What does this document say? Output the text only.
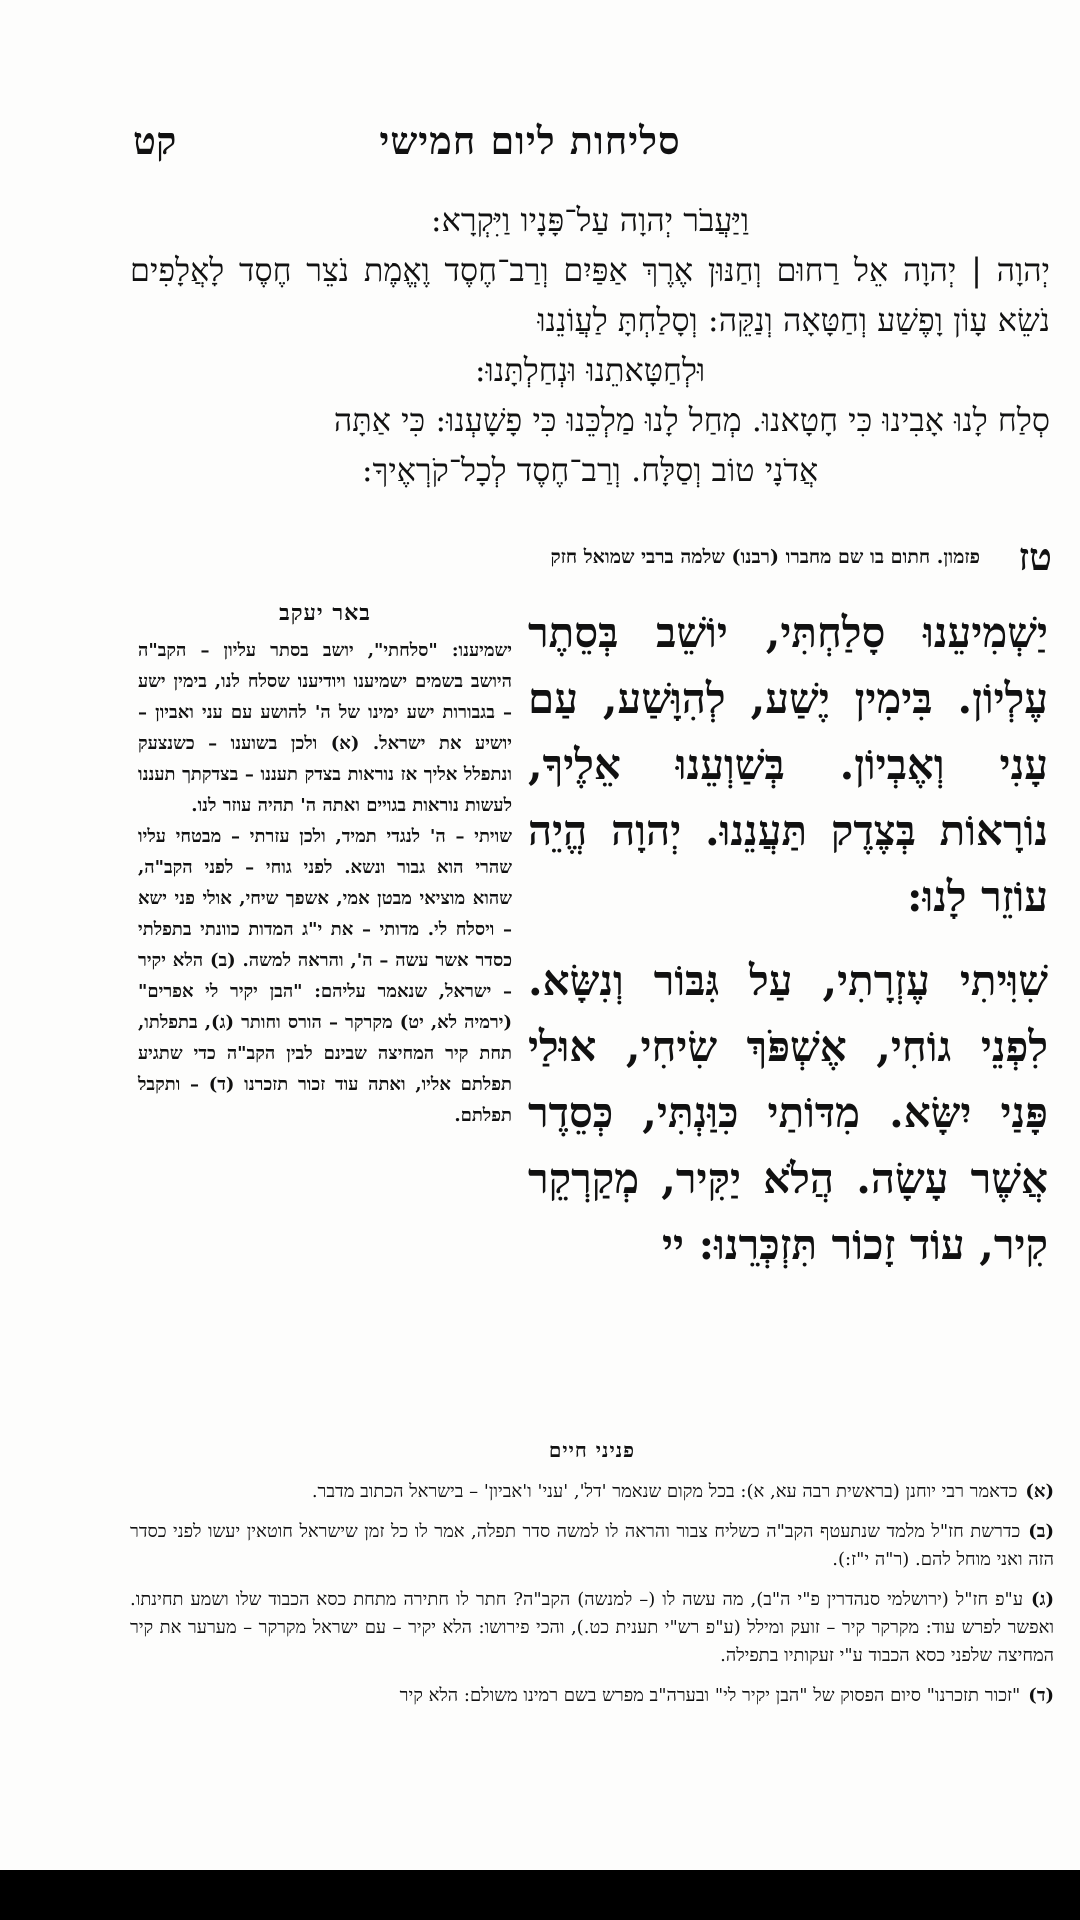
סליחות ליום חמישי
קט

וַיַּעֲבֹר יְהוָה עַל־פָּנָיו וַיִּקְרָא:

יְהוָה | יְהוָה אֵל רַחוּם וְחַנּוּן אֶרֶךְ אַפַּיִם וְרַב־חֶסֶד וֶאֱמֶת נֹצֵר חֶסֶד לָאֲלָפִים נֹשֵׂא עָוֹן וָפֶשַׁע וְחַטָּאָה וְנַקֵּה: וְסָלַחְתָּ לַעֲוֹנֵנוּ

וּלְחַטָּאתֵנוּ וּנְחַלְתָּנוּ:

סְלַח לָנוּ אָבִינוּ כִּי חָטָאנוּ. מְחַל לָנוּ מַלְכֵּנוּ כִּי פָשָׁעְנוּ: כִּי אַתָּה

אֲדֹנָי טוֹב וְסַלָּח. וְרַב־חֶסֶד לְכָל־קֹרְאֶיךָ:

טז
פזמון. חתום בו שם מחברו (רבנו) שלמה ברבי שמואל חזק

יַשְׁמִיעֵנוּ סָלַחְתִּי, יוֹשֵׁב בְּסֵתֶר עֶלְיוֹן. בִּימִין יֶשַׁע, לְהִוָּשַׁע, עַם עָנִי וְאֶבְיוֹן. בְּשַׁוְעֵנוּ אֵלֶיךָ, נוֹרָאוֹת בְּצֶדֶק תַּעֲנֵנוּ. יְהוָה הֱיֵה עוֹזֵר לָנוּ:

שִׁוִּיתִי עֶזְרָתִי, עַל גִּבּוֹר וְנִשָּׂא. לִפְנֵי גוֹחִי, אֶשְׁפֹּךְ שִׂיחִי, אוּלַי פָּנַי יִשָּׂא. מִדּוֹתַי כִּוַּנְתִּי, כְּסֵדֶר אֲשֶׁר עָשָׂה. הֲלֹא יַקִּיר, מְקַרְקֵר קִיר, עוֹד זָכוֹר תִּזְכְּרֵנוּ: יי

באר יעקב

ישמיענו: "סלחתי", יושב בסתר עליון – הקב"ה היושב בשמים ישמיענו ויודיענו שסלח לנו, בימין ישע – בגבורות ישע ימינו של ה' להושע עם עני ואביון – יושיע את ישראל. (א) ולכן בשוענו – כשנצעק ונתפלל אליך אז נוראות בצדק תעננו – בצדקתך תעננו לעשות נוראות בגויים ואתה ה' תהיה עוזר לנו.

שויתי – ה' לנגדי תמיד, ולכן עזרתי – מבטחי עליו שהרי הוא גבור ונשא. לפני גוחי – לפני הקב"ה, שהוא מוציאי מבטן אמי, אשפך שיחי, אולי פני ישא – ויסלח לי. מדותי – את י"ג המדות כוונתי בתפלתי כסדר אשר עשה – ה', והראה למשה. (ב) הלא יקיר – ישראל, שנאמר עליהם: "הבן יקיר לי אפרים" (ירמיה לא, יט) מקרקר – הורס וחותר (ג), בתפלתו, תחת קיר המחיצה שבינם לבין הקב"ה כדי שתגיע תפלתם אליו, ואתה עוד זכור תזכרנו (ד) – ותקבל תפלתם.

פניני חיים

(א)כדאמר רבי יוחנן (בראשית רבה עא, א): בכל מקום שנאמר 'דל', 'עני' ו'אביון' – בישראל הכתוב מדבר.

(ב)כדרשת חז"ל מלמד שנתעטף הקב"ה כשליח צבור והראה לו למשה סדר תפלה, אמר לו כל זמן שישראל חוטאין יעשו לפני כסדר הזה ואני מוחל להם. (ר"ה י"ז:).

(ג)ע"פ חז"ל (ירושלמי סנהדרין פ"י ה"ב), מה עשה לו (– למנשה) הקב"ה? חתר לו חתירה מתחת כסא הכבוד שלו ושמע תחינתו. ואפשר לפרש עוד: מקרקר קיר – זועק ומילל (ע"פ רש"י תענית כט.), והכי פירושו: הלא יקיר – עם ישראל מקרקר – מערער את קיר המחיצה שלפני כסא הכבוד ע"י זעקותיו בתפילה.

(ד)"זכור תזכרנו" סיום הפסוק של "הבן יקיר לי" ובערה"ב מפרש בשם רמינו משולם: הלא קיר
